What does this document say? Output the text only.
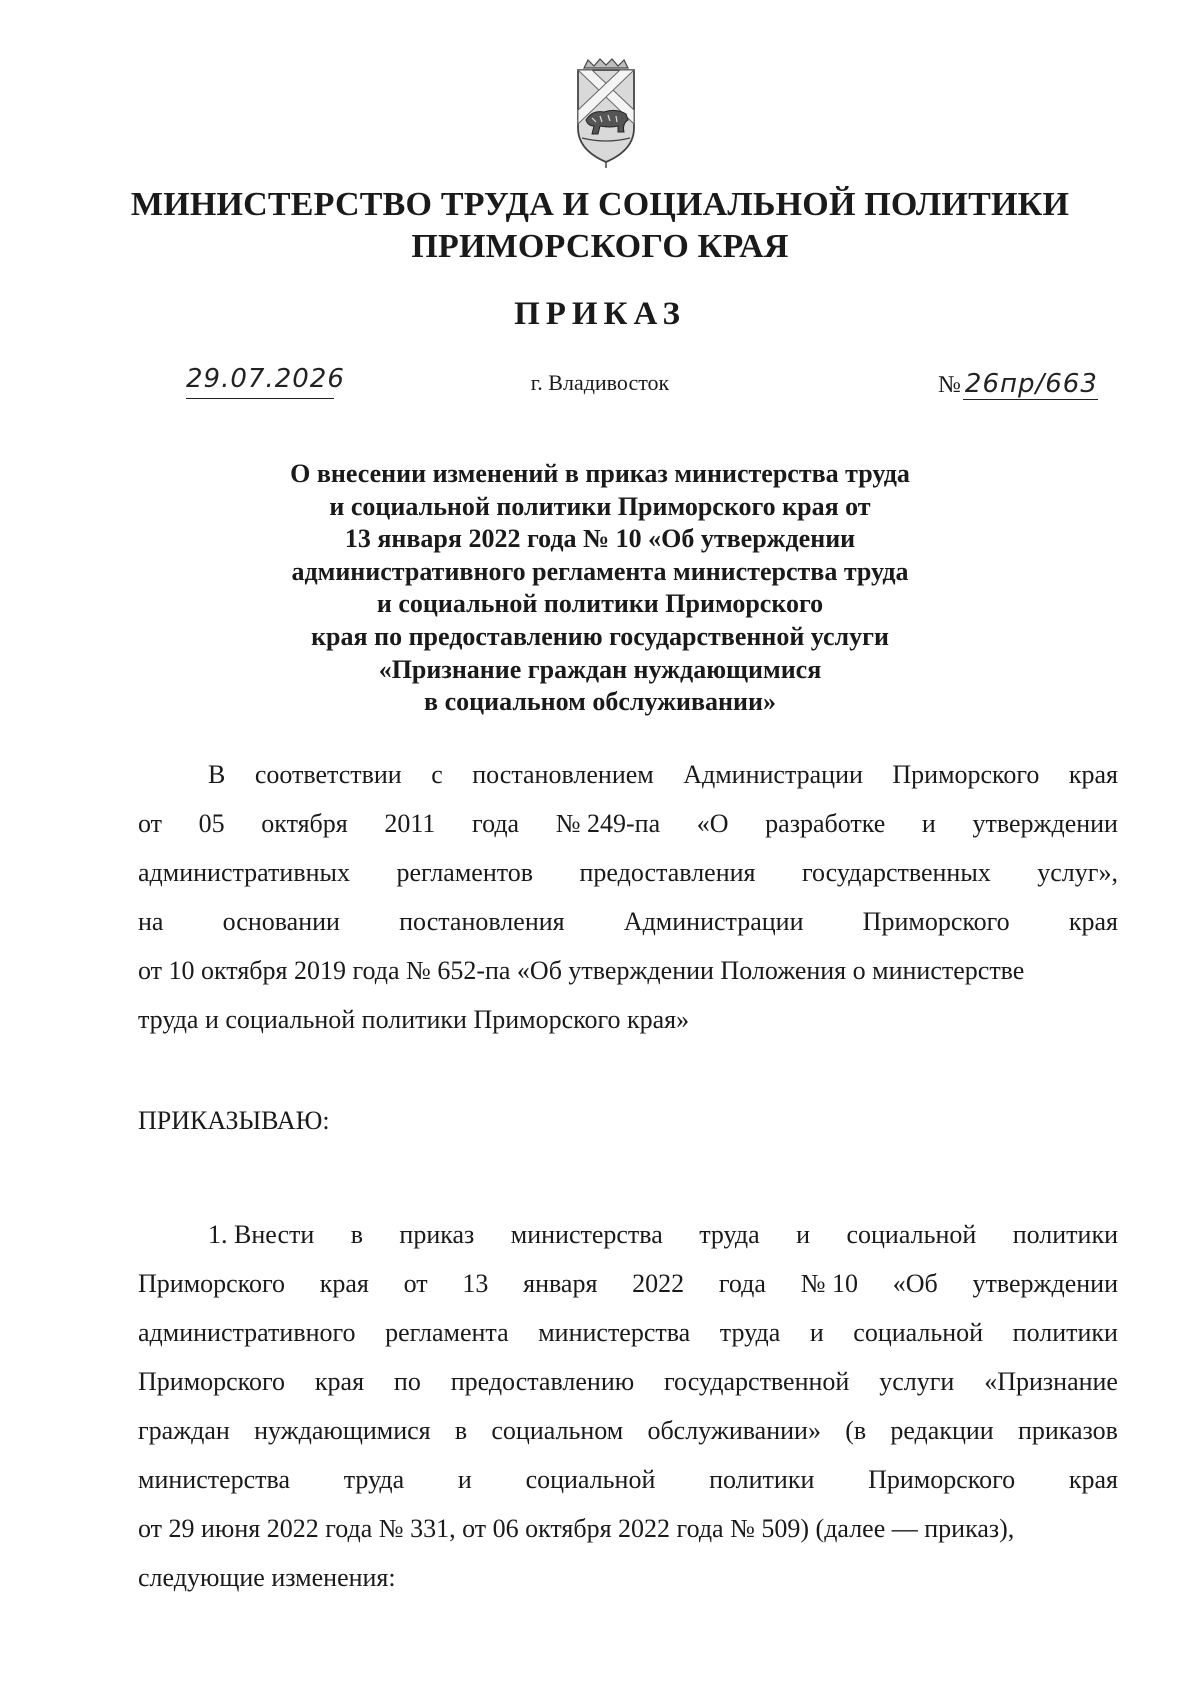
МИНИСТЕРСТВО ТРУДА И СОЦИАЛЬНОЙ ПОЛИТИКИ
ПРИМОРСКОГО КРАЯ
ПРИКАЗ
29.07.2026	г. Владивосток	№ 26пр/663
О внесении изменений в приказ министерства труда
и социальной политики Приморского края от
13 января 2022 года № 10 «Об утверждении
административного регламента министерства труда
и социальной политики Приморского
края по предоставлению государственной услуги
«Признание граждан нуждающимися
в социальном обслуживании»
В соответствии с постановлением Администрации Приморского края
от 05 октября 2011 года № 249-па «О разработке и утверждении
административных регламентов предоставления государственных услуг»,
на основании постановления Администрации Приморского края
от 10 октября 2019 года № 652-па «Об утверждении Положения о министерстве
труда и социальной политики Приморского края»
ПРИКАЗЫВАЮ:
1. Внести в приказ министерства труда и социальной политики
Приморского края от 13 января 2022 года № 10 «Об утверждении
административного регламента министерства труда и социальной политики
Приморского края по предоставлению государственной услуги «Признание
граждан нуждающимися в социальном обслуживании» (в редакции приказов
министерства труда и социальной политики Приморского края
от 29 июня 2022 года № 331, от 06 октября 2022 года № 509) (далее — приказ),
следующие изменения:
